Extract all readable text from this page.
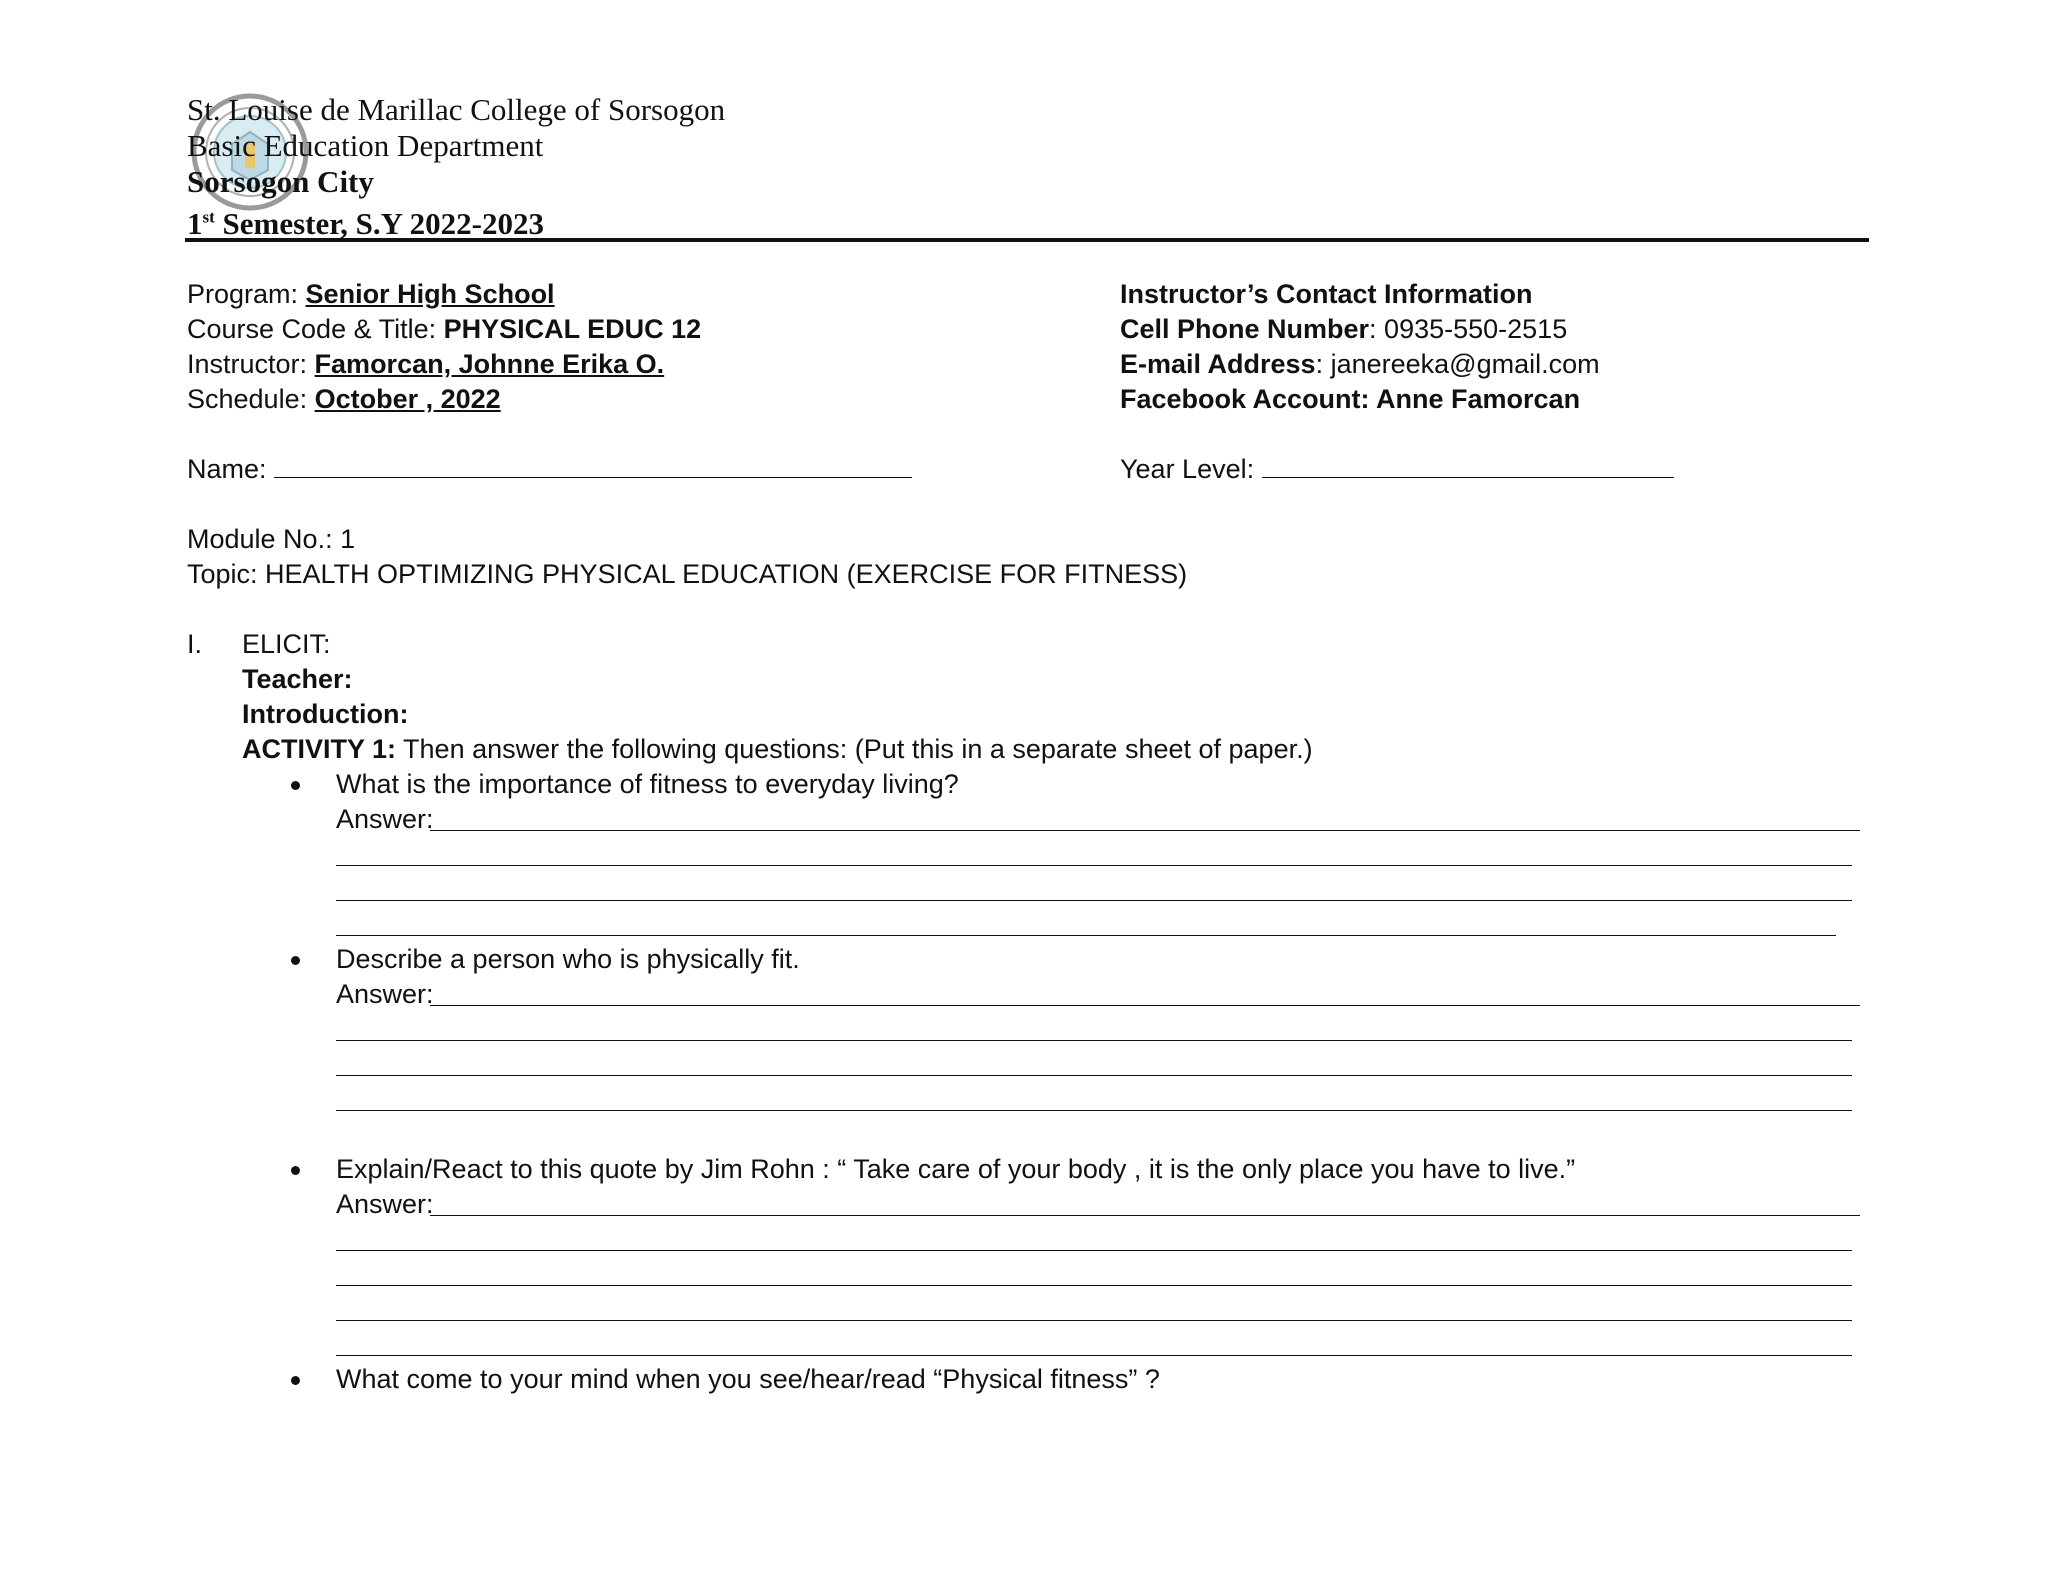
St. Louise de Marillac College of Sorsogon
Basic Education Department
Sorsogon City
1st Semester, S.Y 2022-2023
Program: Senior High School
Course Code & Title: PHYSICAL EDUC 12
Instructor: Famorcan, Johnne Erika O.
Schedule: October , 2022
Instructor’s Contact Information
Cell Phone Number: 0935-550-2515
E-mail Address: janereeka@gmail.com
Facebook Account: Anne Famorcan
Name:	Year Level:
Module No.: 1
Topic: HEALTH OPTIMIZING PHYSICAL EDUCATION (EXERCISE FOR FITNESS)
I. ELICIT:
Teacher:
Introduction:
ACTIVITY 1: Then answer the following questions: (Put this in a separate sheet of paper.)
What is the importance of fitness to everyday living?
Answer:
Describe a person who is physically fit.
Answer:
Explain/React to this quote by Jim Rohn : “ Take care of your body , it is the only place you have to live.”
Answer:
What come to your mind when you see/hear/read “Physical fitness” ?
